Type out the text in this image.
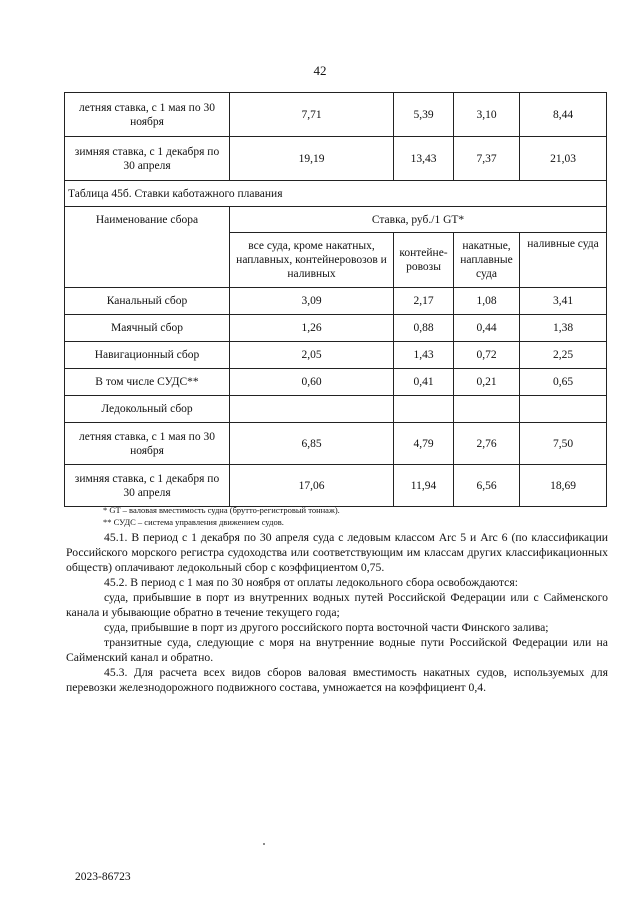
42
летняя ставка, с 1 мая по 30 ноября	7,71	5,39	3,10	8,44
зимняя ставка, с 1 декабря по 30 апреля	19,19	13,43	7,37	21,03
Таблица 45б. Ставки каботажного плавания				
Наименование сбора	Ставка, руб./1 GT*			
	все суда, кроме накатных, наплавных, контейнеровозов и наливных	контейне-ровозы	накатные, наплавные суда	наливные суда
Канальный сбор	3,09	2,17	1,08	3,41
Маячный сбор	1,26	0,88	0,44	1,38
Навигационный сбор	2,05	1,43	0,72	2,25
В том числе СУДС**	0,60	0,41	0,21	0,65
Ледокольный сбор				
летняя ставка, с 1 мая по 30 ноября	6,85	4,79	2,76	7,50
зимняя ставка, с 1 декабря по 30 апреля	17,06	11,94	6,56	18,69
* GT – валовая вместимость судна (брутто-регистровый тоннаж).
** СУДС – система управления движением судов.

45.1. В период с 1 декабря по 30 апреля суда с ледовым классом Arc 5 и Arc 6 (по классификации Российского морского регистра судоходства или соответствующим им классам других классификационных обществ) оплачивают ледокольный сбор с коэффициентом 0,75.

45.2. В период с 1 мая по 30 ноября от оплаты ледокольного сбора освобождаются:

суда, прибывшие в порт из внутренних водных путей Российской Федерации или с Сайменского канала и убывающие обратно в течение текущего года;

суда, прибывшие в порт из другого российского порта восточной части Финского залива;

транзитные суда, следующие с моря на внутренние водные пути Российской Федерации или на Сайменский канал и обратно.

45.3. Для расчета всех видов сборов валовая вместимость накатных судов, используемых для перевозки железнодорожного подвижного состава, умножается на коэффициент 0,4.

2023-86723
